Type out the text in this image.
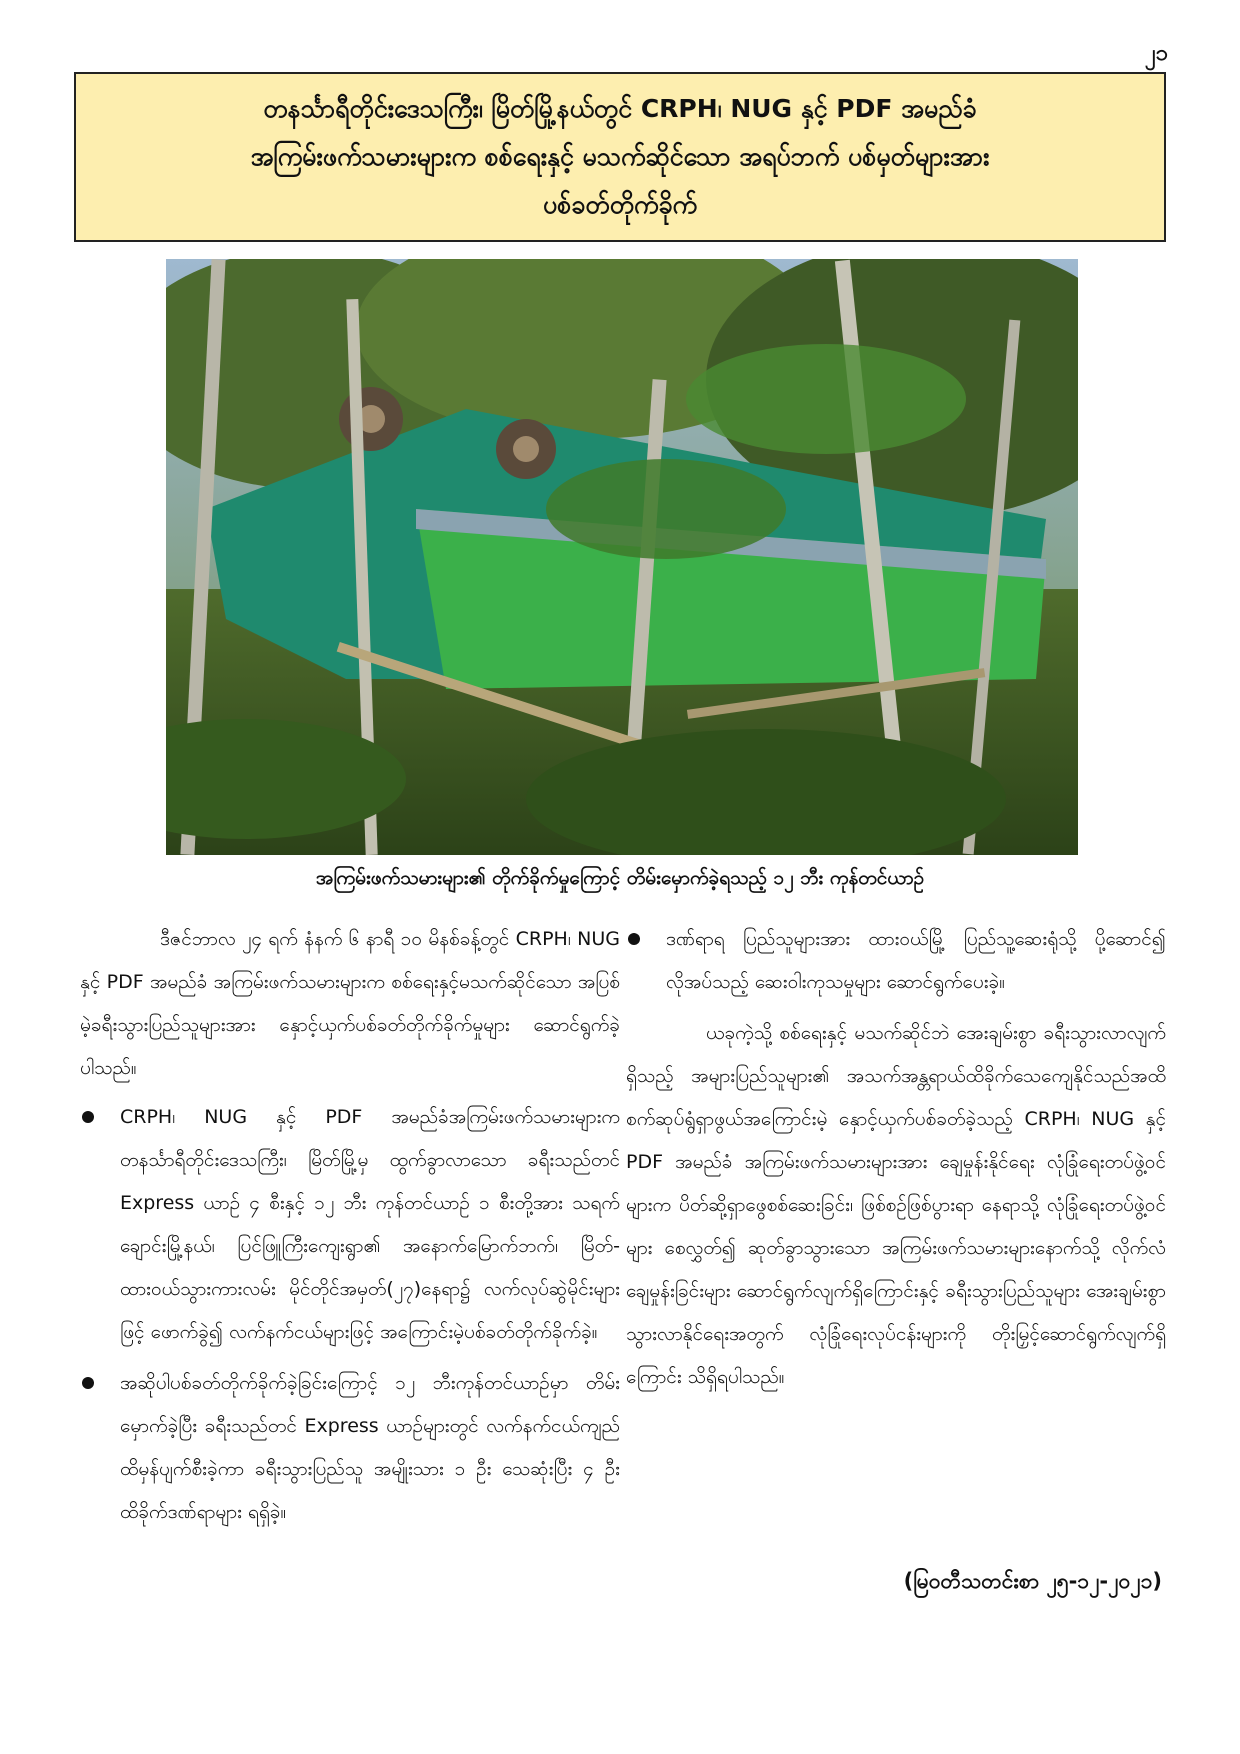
၂၁
တနင်္သာရီတိုင်းဒေသကြီး၊ မြိတ်မြို့နယ်တွင် CRPH၊ NUG နှင့် PDF အမည်ခံ
အကြမ်းဖက်သမားများက စစ်ရေးနှင့် မသက်ဆိုင်သော အရပ်ဘက် ပစ်မှတ်များအား
ပစ်ခတ်တိုက်ခိုက်
အကြမ်းဖက်သမားများ၏ တိုက်ခိုက်မှုကြောင့် တိမ်းမှောက်ခဲ့ရသည့် ၁၂ ဘီး ကုန်တင်ယာဉ်

ဒီဇင်ဘာလ ၂၄ ရက် နံနက် ၆ နာရီ ၁၀ မိနစ်ခန့်တွင် CRPH၊ NUG နှင့် PDF အမည်ခံ အကြမ်းဖက်သမားများက စစ်ရေးနှင့်မသက်ဆိုင်သော အပြစ်မဲ့ခရီးသွားပြည်သူများအား နှောင့်ယှက်ပစ်ခတ်တိုက်ခိုက်မှုများ ဆောင်ရွက်ခဲ့ပါသည်။

CRPH၊ NUG နှင့် PDF အမည်ခံအကြမ်းဖက်သမားများက တနင်္သာရီတိုင်းဒေသကြီး၊ မြိတ်မြို့မှ ထွက်ခွာလာသော ခရီးသည်တင် Express ယာဉ် ၄ စီးနှင့် ၁၂ ဘီး ကုန်တင်ယာဉ် ၁ စီးတို့အား သရက်ချောင်းမြို့နယ်၊ ပြင်ဖြူကြီးကျေးရွာ၏ အနောက်မြောက်ဘက်၊ မြိတ်-ထားဝယ်သွားကားလမ်း မိုင်တိုင်အမှတ်(၂၇)နေရာ၌ လက်လုပ်ဆွဲမိုင်းများဖြင့် ဖောက်ခွဲ၍ လက်နက်ငယ်များဖြင့် အကြောင်းမဲ့ပစ်ခတ်တိုက်ခိုက်ခဲ့။
အဆိုပါပစ်ခတ်တိုက်ခိုက်ခဲ့ခြင်းကြောင့် ၁၂ ဘီးကုန်တင်ယာဉ်မှာ တိမ်းမှောက်ခဲ့ပြီး ခရီးသည်တင် Express ယာဉ်များတွင် လက်နက်ငယ်ကျည် ထိမှန်ပျက်စီးခဲ့ကာ ခရီးသွားပြည်သူ အမျိုးသား ၁ ဦး သေဆုံးပြီး ၄ ဦး ထိခိုက်ဒဏ်ရာများ ရရှိခဲ့။
ဒဏ်ရာရ ပြည်သူများအား ထားဝယ်မြို့ ပြည်သူ့ဆေးရုံသို့ ပို့ဆောင်၍ လိုအပ်သည့် ဆေးဝါးကုသမှုများ ဆောင်ရွက်ပေးခဲ့။

ယခုကဲ့သို့ စစ်ရေးနှင့် မသက်ဆိုင်ဘဲ အေးချမ်းစွာ ခရီးသွားလာလျက်ရှိသည့် အများပြည်သူများ၏ အသက်အန္တရာယ်ထိခိုက်သေကျေနိုင်သည်အထိ စက်ဆုပ်ရွံရှာဖွယ်အကြောင်းမဲ့ နှောင့်ယှက်ပစ်ခတ်ခဲ့သည့် CRPH၊ NUG နှင့် PDF အမည်ခံ အကြမ်းဖက်သမားများအား ချေမှုန်းနိုင်ရေး လုံခြုံရေးတပ်ဖွဲ့ဝင်များက ပိတ်ဆို့ရှာဖွေစစ်ဆေးခြင်း၊ ဖြစ်စဉ်ဖြစ်ပွားရာ နေရာသို့ လုံခြုံရေးတပ်ဖွဲ့ဝင်များ စေလွှတ်၍ ဆုတ်ခွာသွားသော အကြမ်းဖက်သမားများနောက်သို့ လိုက်လံချေမှုန်းခြင်းများ ဆောင်ရွက်လျက်ရှိကြောင်းနှင့် ခရီးသွားပြည်သူများ အေးချမ်းစွာ သွားလာနိုင်ရေးအတွက် လုံခြုံရေးလုပ်ငန်းများကို တိုးမြှင့်ဆောင်ရွက်လျက်ရှိကြောင်း သိရှိရပါသည်။

(မြဝတီသတင်းစာ ၂၅-၁၂-၂၀၂၁)
